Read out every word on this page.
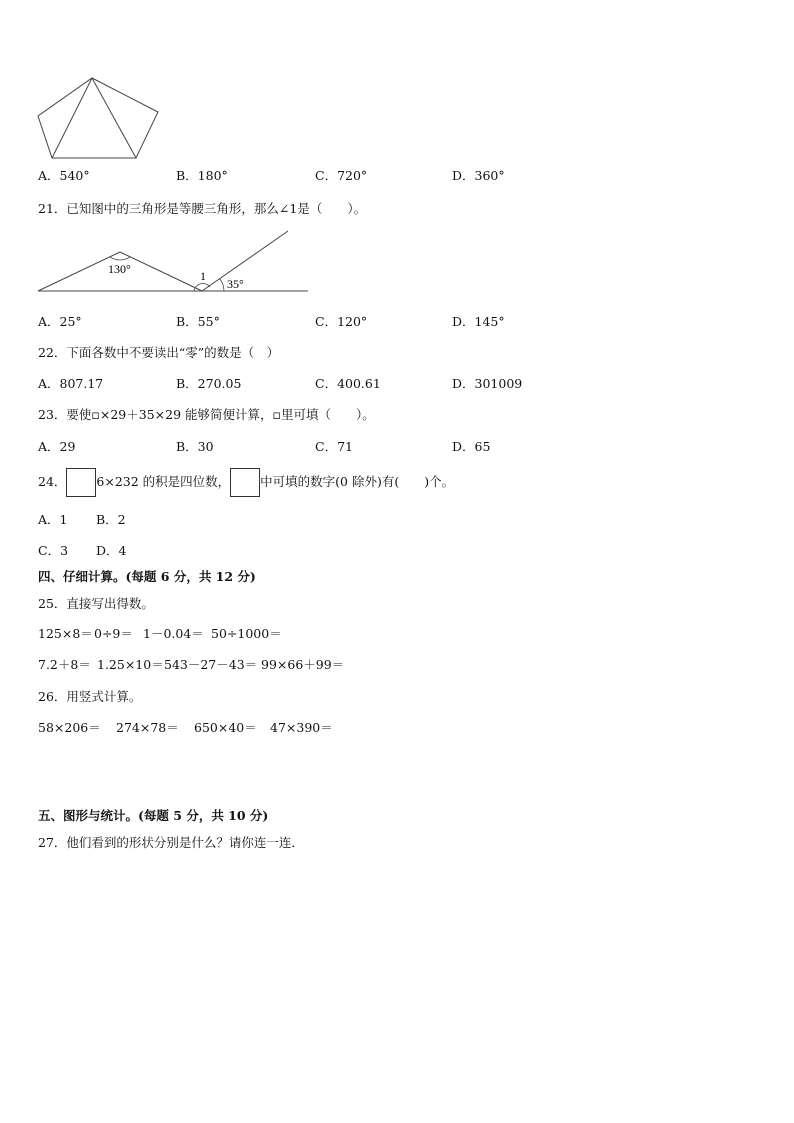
A．540°	B．180°	C．720°	D．360°
21．已知图中的三角形是等腰三角形，那么∠1是（　　）。
130°	1
35°
A．25°	B．55°	C．120°	D．145°
22．下面各数中不要读出“零”的数是（　）
A．807.17	B．270.05	C．400.61	D．301009
23．要使▫×29＋35×29 能够简便计算，▫里可填（　　）。
A．29	B．30	C．71	D．65
24． 6×232 的积是四位数， 中可填的数字(0 除外)有(　　)个。
A．1 B．2
C．3 D．4
四、仔细计算。(每题 6 分，共 12 分)
25．直接写出得数。
125×8＝ 0÷9＝ 1－0.04＝ 50÷1000＝
7.2＋8＝ 1.25×10＝ 543－27－43＝ 99×66＋99＝
26．用竖式计算。
58×206＝ 274×78＝ 650×40＝ 47×390＝
五、图形与统计。(每题 5 分，共 10 分)
27．他们看到的形状分别是什么？请你连一连．
